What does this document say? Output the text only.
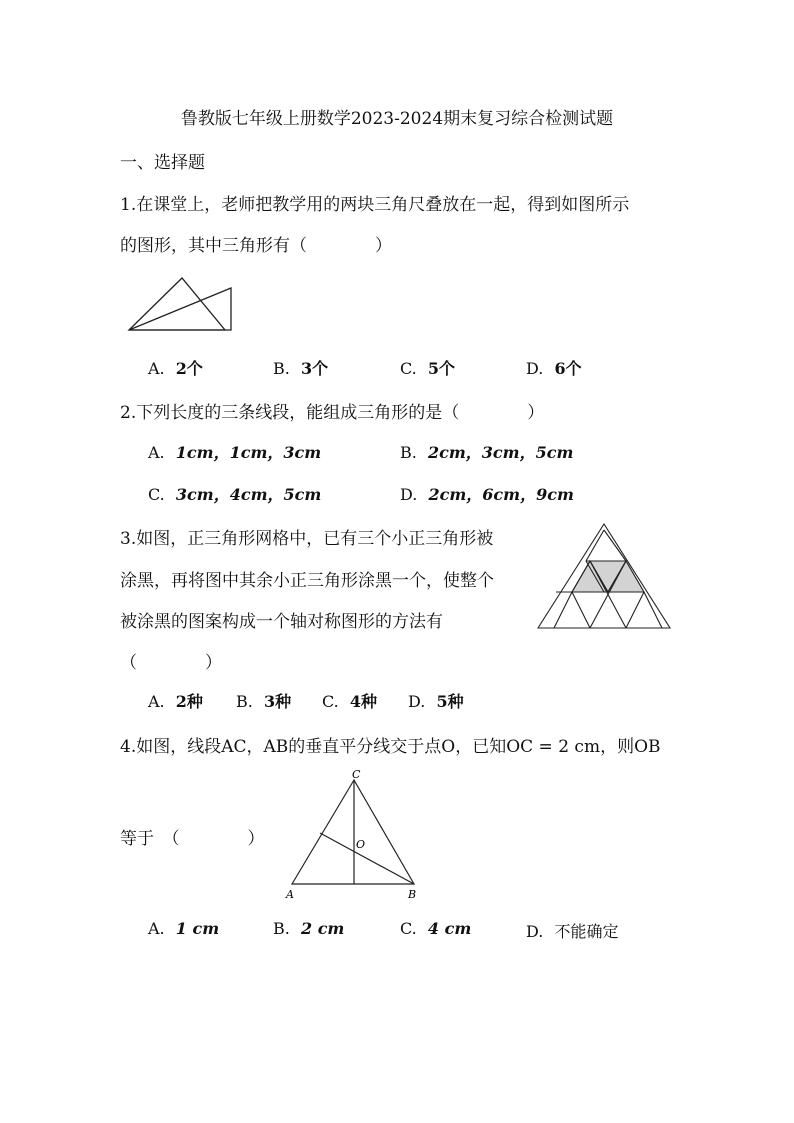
鲁教版七年级上册数学2023-2024期末复习综合检测试题
一、选择题
1.在课堂上，老师把教学用的两块三角尺叠放在一起，得到如图所示
的图形，其中三角形有（　　　　）
A. 2个	B. 3个	C. 5个	D. 6个
2.下列长度的三条线段，能组成三角形的是（　　　　）
A. 1cm，1cm，3cm	B. 2cm，3cm，5cm
C. 3cm，4cm，5cm	D. 2cm，6cm，9cm
3.如图，正三角形网格中，已有三个小正三角形被
涂黑，再将图中其余小正三角形涂黑一个，使整个
被涂黑的图案构成一个轴对称图形的方法有
（　　　　）
A. 2种 B. 3种 C. 4种 D. 5种
4.如图，线段AC，AB的垂直平分线交于点O，已知OC = 2 cm，则OB
等于　（　　　　）
C
O
A	B
A. 1 cm	B. 2 cm	C. 4 cm	D. 不能确定
